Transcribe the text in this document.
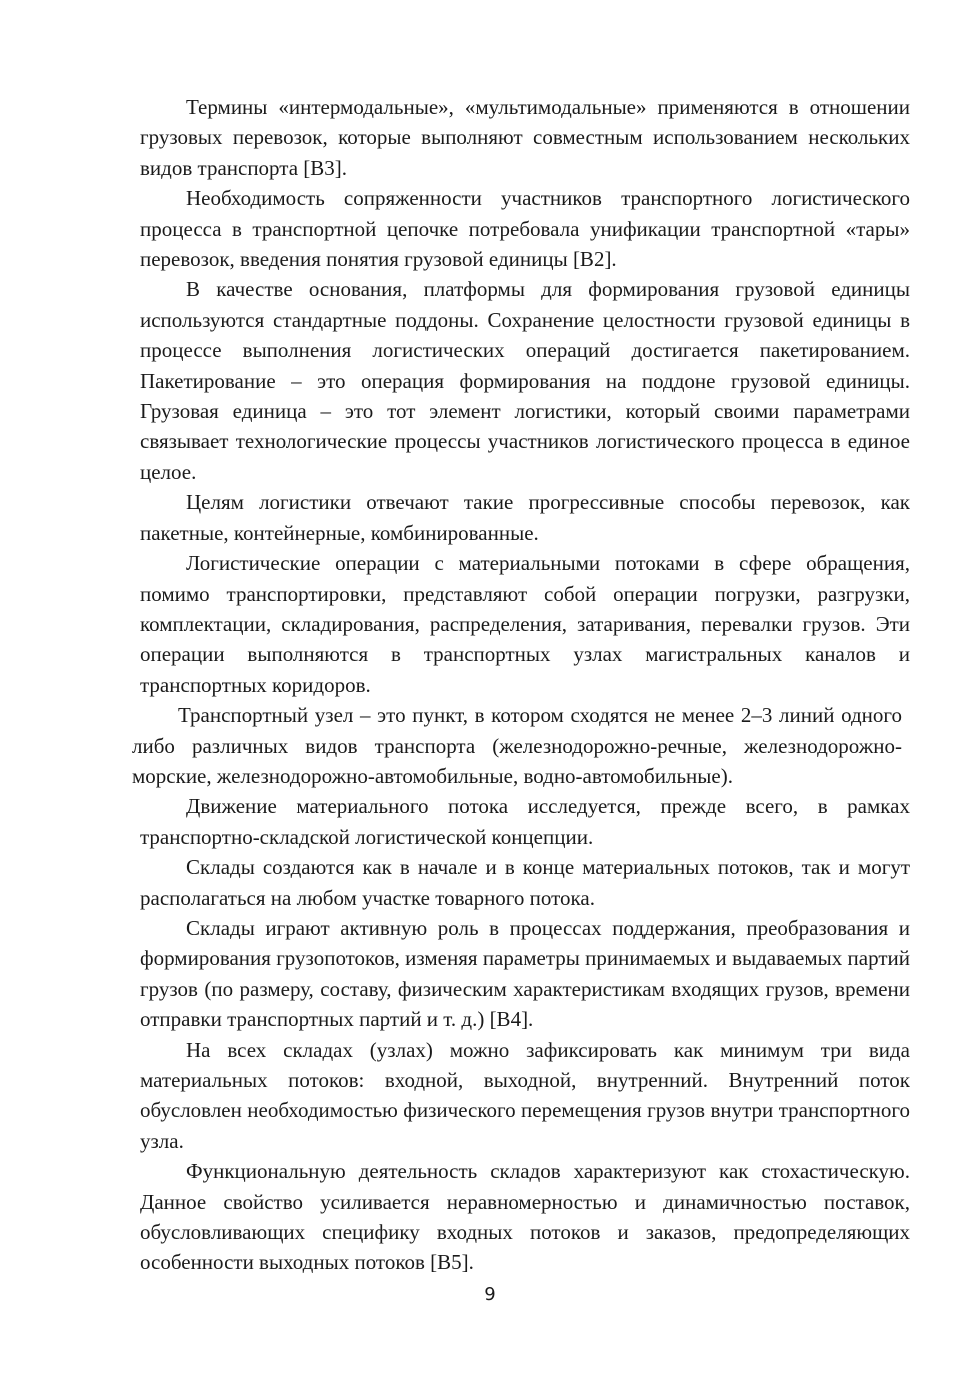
Термины «интермодальные», «мультимодальные» применяются в отношении грузовых перевозок, которые выполняют совместным использованием нескольких видов транспорта [В3].

Необходимость сопряженности участников транспортного логистического процесса в транспортной цепочке потребовала унификации транспортной «тары» перевозок, введения понятия грузовой единицы [В2].

В качестве основания, платформы для формирования грузовой единицы используются стандартные поддоны. Сохранение целостности грузовой единицы в процессе выполнения логистических операций достигается пакетированием. Пакетирование – это операция формирования на поддоне грузовой единицы. Грузовая единица – это тот элемент логистики, который своими параметрами связывает технологические процессы участников логистического процесса в единое целое.

Целям логистики отвечают такие прогрессивные способы перевозок, как пакетные, контейнерные, комбинированные.

Логистические операции с материальными потоками в сфере обращения, помимо транспортировки, представляют собой операции погрузки, разгрузки, комплектации, складирования, распределения, затаривания, перевалки грузов. Эти операции выполняются в транспортных узлах магистральных каналов и транспортных коридоров.

Транспортный узел – это пункт, в котором сходятся не менее 2–3 линий одного либо различных видов транспорта (железнодорожно-речные, железнодорожно-морские, железнодорожно-автомобильные, водно-автомобильные).

Движение материального потока исследуется, прежде всего, в рамках транспортно-складской логистической концепции.

Склады создаются как в начале и в конце материальных потоков, так и могут располагаться на любом участке товарного потока.

Склады играют активную роль в процессах поддержания, преобразования и формирования грузопотоков, изменяя параметры принимаемых и выдаваемых партий грузов (по размеру, составу, физическим характеристикам входящих грузов, времени отправки транспортных партий и т. д.) [В4].

На всех складах (узлах) можно зафиксировать как минимум три вида материальных потоков: входной, выходной, внутренний. Внутренний поток обусловлен необходимостью физического перемещения грузов внутри транспортного узла.

Функциональную деятельность складов характеризуют как стохастическую. Данное свойство усиливается неравномерностью и динамичностью поставок, обусловливающих специфику входных потоков и заказов, предопределяющих особенности выходных потоков [В5].

9
